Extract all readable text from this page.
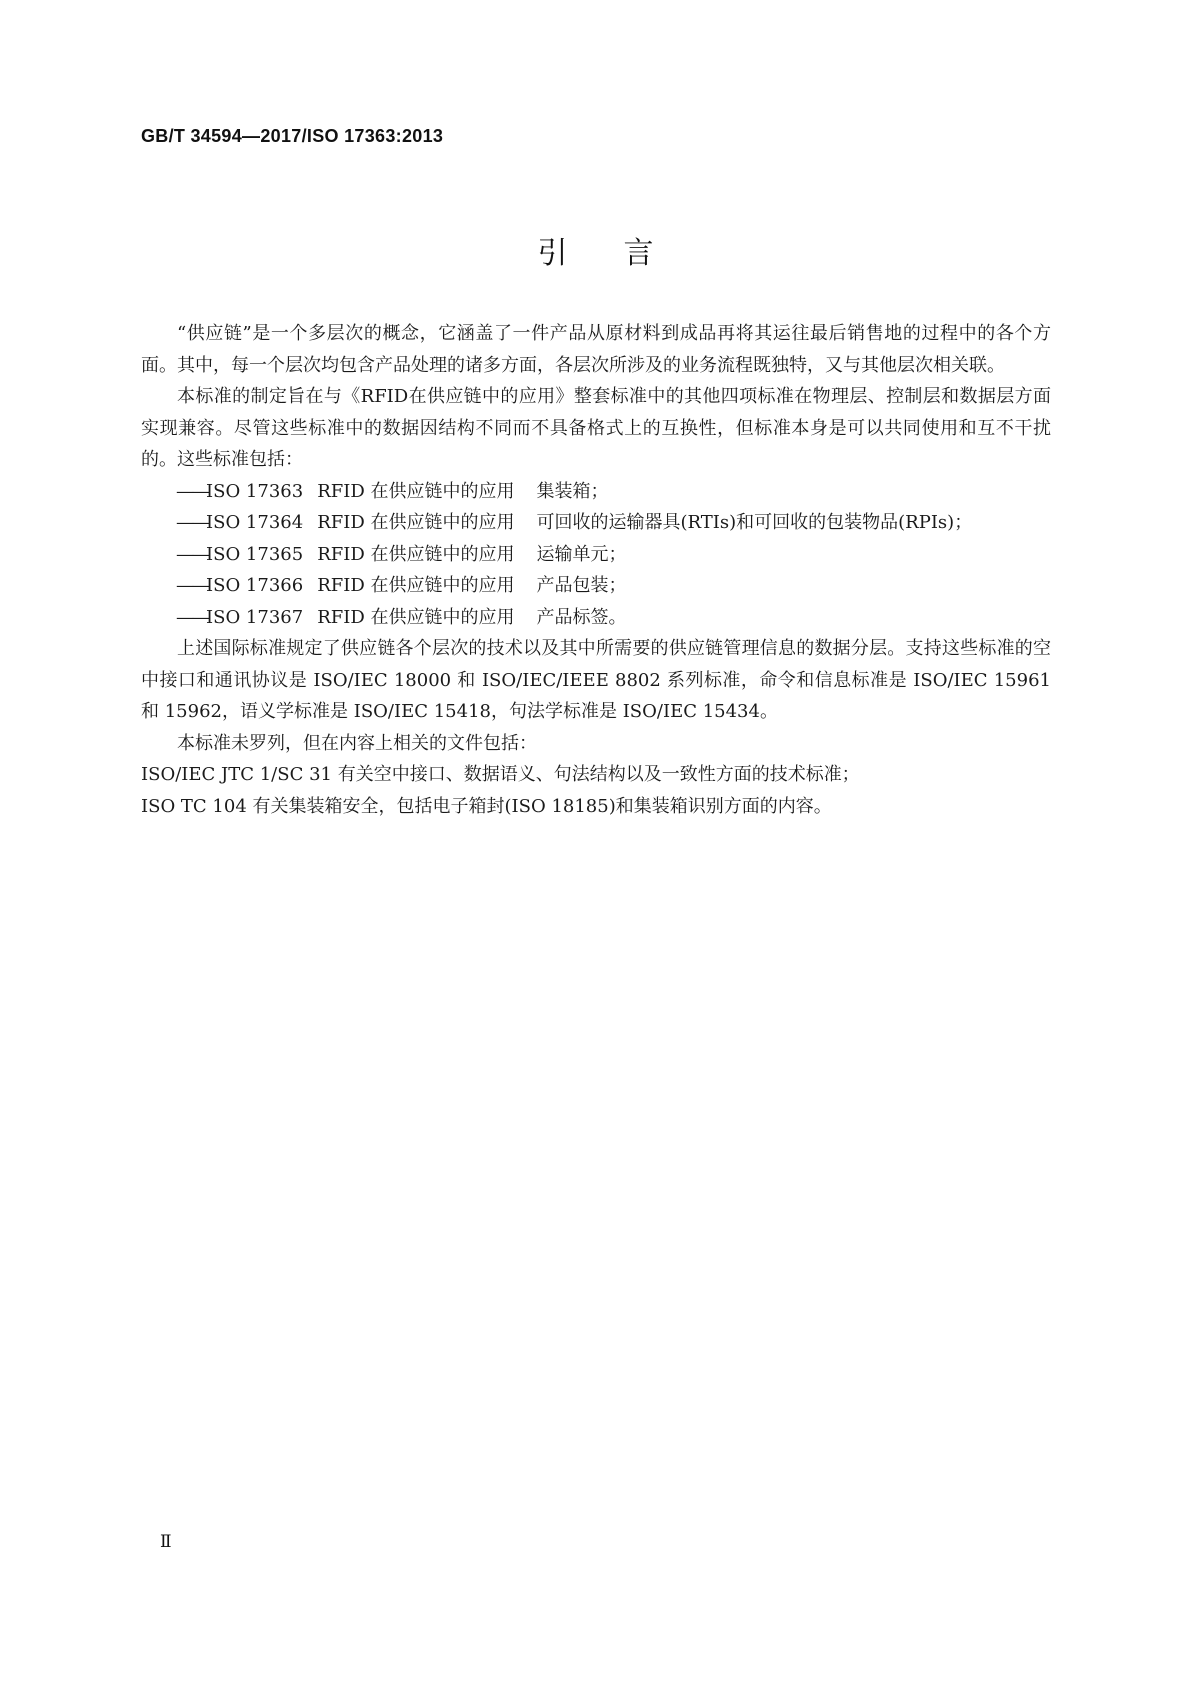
GB/T 34594—2017/ISO 17363:2013
引言

“供应链”是一个多层次的概念，它涵盖了一件产品从原材料到成品再将其运往最后销售地的过程中的各个方面。其中，每一个层次均包含产品处理的诸多方面，各层次所涉及的业务流程既独特，又与其他层次相关联。

本标准的制定旨在与《RFID在供应链中的应用》整套标准中的其他四项标准在物理层、控制层和数据层方面实现兼容。尽管这些标准中的数据因结构不同而不具备格式上的互换性，但标准本身是可以共同使用和互不干扰的。这些标准包括：

——
ISO 17363 RFID 在供应链中的应用 集装箱；
——
ISO 17364 RFID 在供应链中的应用 可回收的运输器具(RTIs)和可回收的包装物品(RPIs)；
——
ISO 17365 RFID 在供应链中的应用 运输单元；
——
ISO 17366 RFID 在供应链中的应用 产品包装；
——
ISO 17367 RFID 在供应链中的应用 产品标签。

上述国际标准规定了供应链各个层次的技术以及其中所需要的供应链管理信息的数据分层。支持这些标准的空中接口和通讯协议是 ISO/IEC 18000 和 ISO/IEC/IEEE 8802 系列标准，命令和信息标准是 ISO/IEC 15961 和 15962，语义学标准是 ISO/IEC 15418，句法学标准是 ISO/IEC 15434。

本标准未罗列，但在内容上相关的文件包括：

ISO/IEC JTC 1/SC 31 有关空中接口、数据语义、句法结构以及一致性方面的技术标准；

ISO TC 104 有关集装箱安全，包括电子箱封(ISO 18185)和集装箱识别方面的内容。

Ⅱ
